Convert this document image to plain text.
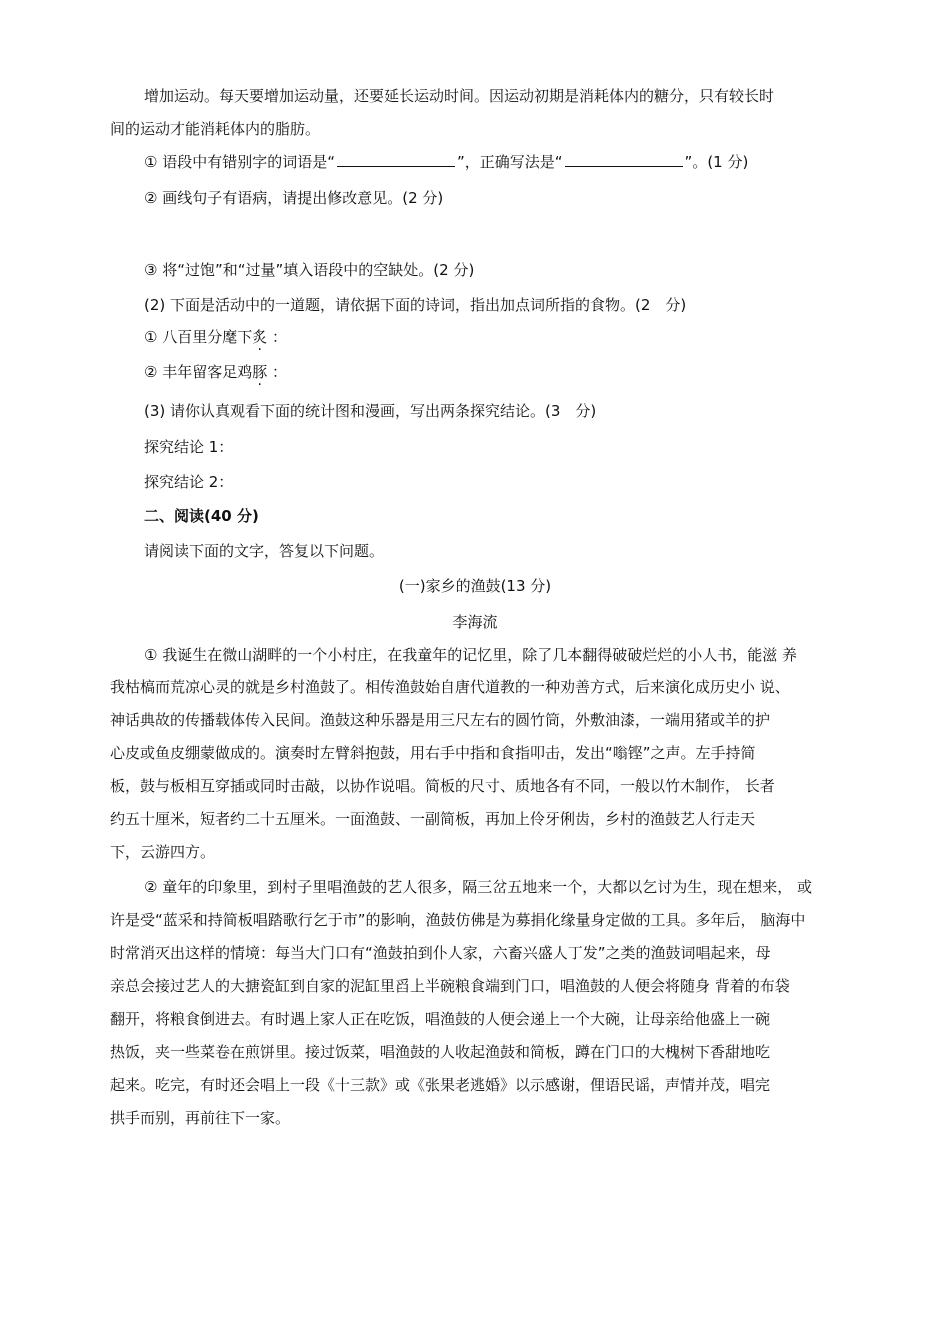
增加运动。每天要增加运动量，还要延长运动时间。因运动初期是消耗体内的糖分，只有较长时
间的运动才能消耗体内的脂肪。
① 语段中有错别字的词语是“	”，正确写法是“	”。(1 分)
② 画线句子有语病，请提出修改意见。(2 分)
③ 将“过饱”和“过量”填入语段中的空缺处。(2 分)
(2) 下面是活动中的一道题，请依据下面的诗词，指出加点词所指的食物。(2　分)
① 八百里分麾下炙 ：
② 丰年留客足鸡豚 ：
(3) 请你认真观看下面的统计图和漫画，写出两条探究结论。(3　分)
探究结论 1：
探究结论 2：
二、阅读(40 分)
请阅读下面的文字，答复以下问题。
(一)家乡的渔鼓(13 分)
李海流
① 我诞生在微山湖畔的一个小村庄，在我童年的记忆里，除了几本翻得破破烂烂的小人书，能滋 养
我枯槁而荒凉心灵的就是乡村渔鼓了。相传渔鼓始自唐代道教的一种劝善方式，后来演化成历史小 说、
神话典故的传播载体传入民间。渔鼓这种乐器是用三尺左右的圆竹筒，外敷油漆，一端用猪或羊的护
心皮或鱼皮绷蒙做成的。演奏时左臂斜抱鼓，用右手中指和食指叩击，发出“嗡铿”之声。左手持简
板，鼓与板相互穿插或同时击敲，以协作说唱。简板的尺寸、质地各有不同，一般以竹木制作， 长者
约五十厘米，短者约二十五厘米。一面渔鼓、一副简板，再加上伶牙俐齿，乡村的渔鼓艺人行走天
下，云游四方。
② 童年的印象里，到村子里唱渔鼓的艺人很多，隔三岔五地来一个，大都以乞讨为生，现在想来， 或
许是受“蓝采和持简板唱踏歌行乞于市”的影响，渔鼓仿佛是为募捐化缘量身定做的工具。多年后， 脑海中
时常消灭出这样的情境：每当大门口有“渔鼓拍到仆人家，六畜兴盛人丁发”之类的渔鼓词唱起来，母
亲总会接过艺人的大搪瓷缸到自家的泥缸里舀上半碗粮食端到门口，唱渔鼓的人便会将随身 背着的布袋
翻开，将粮食倒进去。有时遇上家人正在吃饭，唱渔鼓的人便会递上一个大碗，让母亲给他盛上一碗
热饭，夹一些菜卷在煎饼里。接过饭菜，唱渔鼓的人收起渔鼓和简板，蹲在门口的大槐树下香甜地吃
起来。吃完，有时还会唱上一段《十三款》或《张果老逃婚》以示感谢，俚语民谣，声情并茂，唱完
拱手而别，再前往下一家。
